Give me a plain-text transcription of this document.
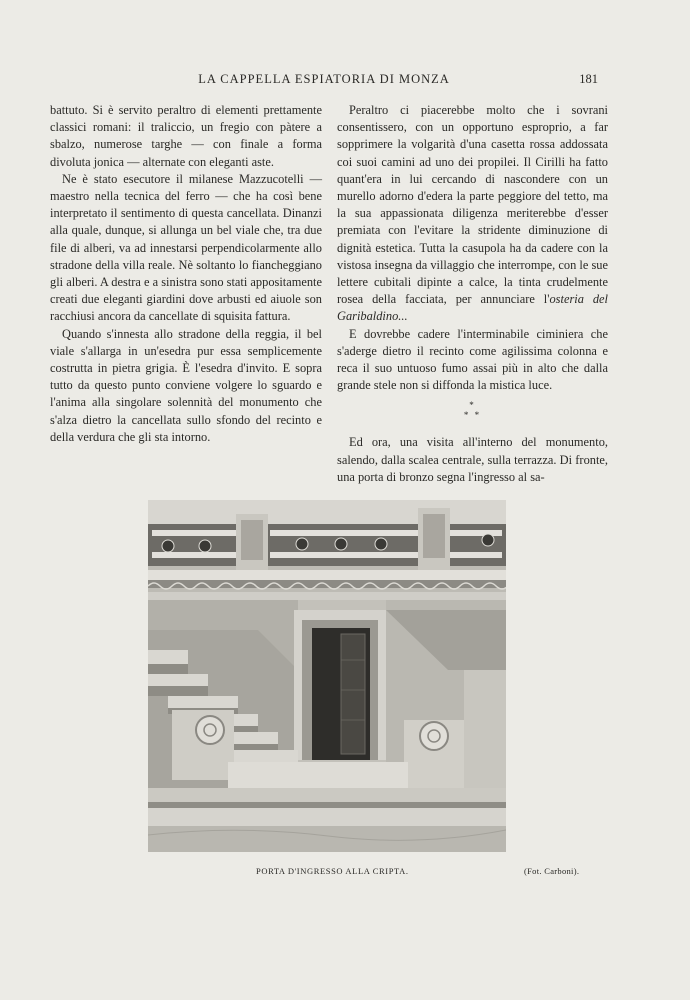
LA CAPPELLA ESPIATORIA DI MONZA	181

battuto. Si è servito peraltro di elementi prettamente classici romani: il traliccio, un fregio con pàtere a sbalzo, numerose targhe — con finale a forma divoluta jonica — alternate con eleganti aste.

Ne è stato esecutore il milanese Mazzucotelli — maestro nella tecnica del ferro — che ha così bene interpretato il sentimento di questa cancellata. Dinanzi alla quale, dunque, si allunga un bel viale che, tra due file di alberi, va ad innestarsi perpendicolarmente allo stradone della villa reale. Nè soltanto lo fiancheggiano gli alberi. A destra e a sinistra sono stati appositamente creati due eleganti giardini dove arbusti ed aiuole son racchiusi ancora da cancellate di squisita fattura.

Quando s'innesta allo stradone della reggia, il bel viale s'allarga in un'esedra pur essa semplicemente costrutta in pietra grigia. È l'esedra d'invito. E sopra tutto da questo punto conviene volgere lo sguardo e l'anima alla singolare solennità del monumento che s'alza dietro la cancellata sullo sfondo del recinto e della verdura che gli sta intorno.

Peraltro ci piacerebbe molto che i sovrani consentissero, con un opportuno esproprio, a far sopprimere la volgarità d'una casetta rossa addossata coi suoi camini ad uno dei propilei. Il Cirilli ha fatto quant'era in lui cercando di nascondere con un murello adorno d'edera la parte peggiore del tetto, ma la sua appassionata diligenza meriterebbe d'esser premiata con l'evitare la stridente diminuzione di dignità estetica. Tutta la casupola ha da cadere con la vistosa insegna da villaggio che interrompe, con le sue lettere cubitali dipinte a calce, la tinta crudelmente rosea della facciata, per annunciare l'osteria del Garibaldino...

E dovrebbe cadere l'interminabile ciminiera che s'aderge dietro il recinto come agilissima colonna e reca il suo untuoso fumo assai più in alto che dalla grande stele non si diffonda la mistica luce.

*
* *

Ed ora, una visita all'interno del monumento, salendo, dalla scalea centrale, sulla terrazza. Di fronte, una porta di bronzo segna l'ingresso al sa-

PORTA D'INGRESSO ALLA CRIPTA.	(Fot. Carboni).
